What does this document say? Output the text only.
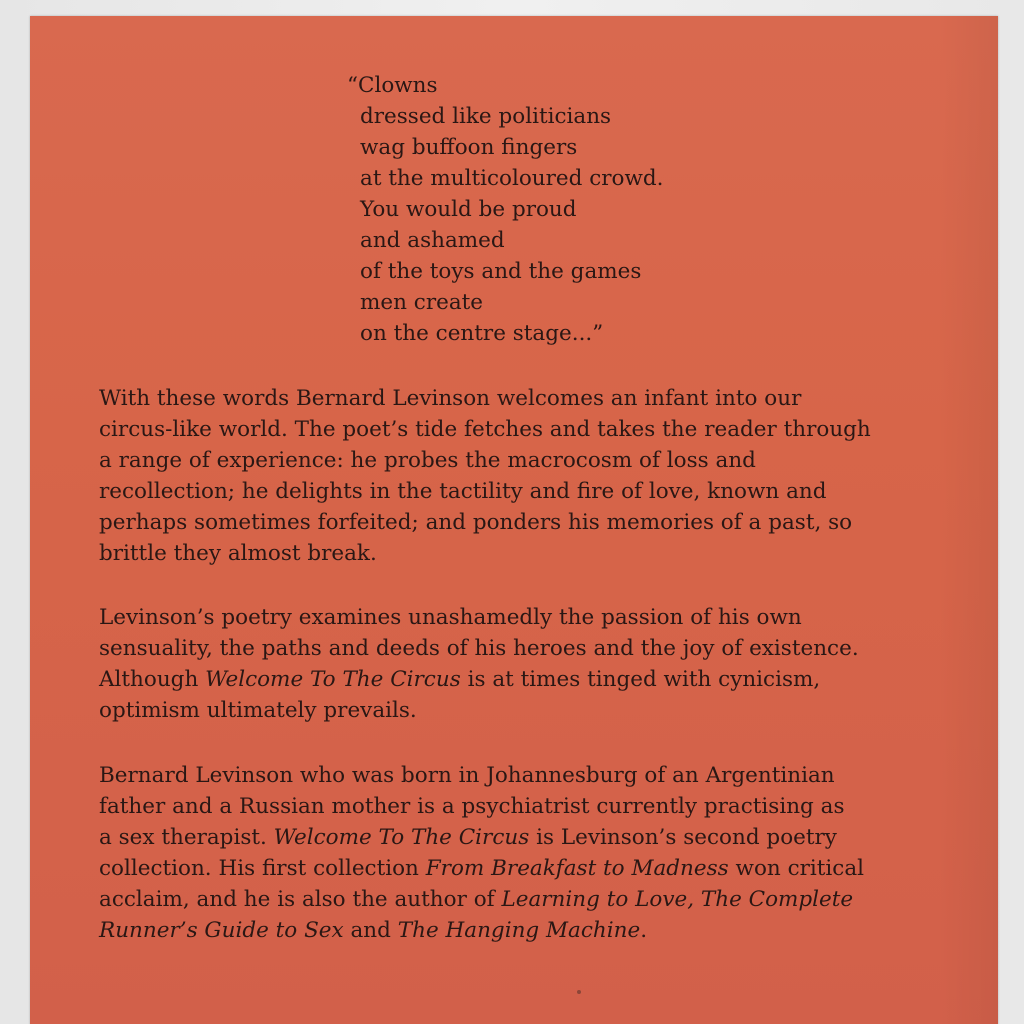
“Clowns
dressed like politicians
wag buffoon fingers
at the multicoloured crowd.
You would be proud
and ashamed
of the toys and the games
men create
on the centre stage...”
With these words Bernard Levinson welcomes an infant into our
circus-like world. The poet’s tide fetches and takes the reader through
a range of experience: he probes the macrocosm of loss and
recollection; he delights in the tactility and fire of love, known and
perhaps sometimes forfeited; and ponders his memories of a past, so
brittle they almost break.
Levinson’s poetry examines unashamedly the passion of his own
sensuality, the paths and deeds of his heroes and the joy of existence.
Although Welcome To The Circus is at times tinged with cynicism,
optimism ultimately prevails.
Bernard Levinson who was born in Johannesburg of an Argentinian
father and a Russian mother is a psychiatrist currently practising as
a sex therapist. Welcome To The Circus is Levinson’s second poetry
collection. His first collection From Breakfast to Madness won critical
acclaim, and he is also the author of Learning to Love, The Complete
Runner’s Guide to Sex and The Hanging Machine.
